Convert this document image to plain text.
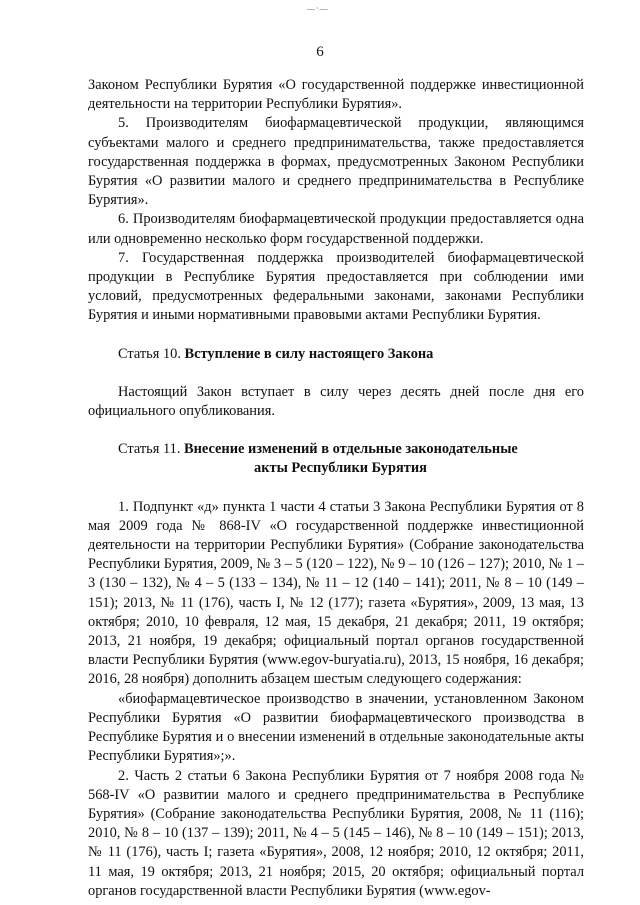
—·—
6

Законом Республики Бурятия «О государственной поддержке инвестиционной деятельности на территории Республики Бурятия».

5. Производителям биофармацевтической продукции, являющимся субъектами малого и среднего предпринимательства, также предоставляется государственная поддержка в формах, предусмотренных Законом Республики Бурятия «О развитии малого и среднего предпринимательства в Республике Бурятия».

6. Производителям биофармацевтической продукции предоставляется одна или одновременно несколько форм государственной поддержки.

7. Государственная поддержка производителей биофармацевтической продукции в Республике Бурятия предоставляется при соблюдении ими условий, предусмотренных федеральными законами, законами Республики Бурятия и иными нормативными правовыми актами Республики Бурятия.

Статья 10. Вступление в силу настоящего Закона

Настоящий Закон вступает в силу через десять дней после дня его официального опубликования.

Статья 11. Внесение изменений в отдельные законодательные
акты Республики Бурятия

1. Подпункт «д» пункта 1 части 4 статьи 3 Закона Республики Бурятия от 8 мая 2009 года № 868-IV «О государственной поддержке инвестиционной деятельности на территории Республики Бурятия» (Собрание законодательства Республики Бурятия, 2009, № 3 – 5 (120 – 122), № 9 – 10 (126 – 127); 2010, № 1 – 3 (130 – 132), № 4 – 5 (133 – 134), № 11 – 12 (140 – 141); 2011, № 8 – 10 (149 – 151); 2013, № 11 (176), часть I, № 12 (177); газета «Бурятия», 2009, 13 мая, 13 октября; 2010, 10 февраля, 12 мая, 15 декабря, 21 декабря; 2011, 19 октября; 2013, 21 ноября, 19 декабря; официальный портал органов государственной власти Республики Бурятия (www.egov-buryatia.ru), 2013, 15 ноября, 16 декабря; 2016, 28 ноября) дополнить абзацем шестым следующего содержания:

«биофармацевтическое производство в значении, установленном Законом Республики Бурятия «О развитии биофармацевтического производства в Республике Бурятия и о внесении изменений в отдельные законодательные акты Республики Бурятия»;».

2. Часть 2 статьи 6 Закона Республики Бурятия от 7 ноября 2008 года № 568-IV «О развитии малого и среднего предпринимательства в Республике Бурятия» (Собрание законодательства Республики Бурятия, 2008, № 11 (116); 2010, № 8 – 10 (137 – 139); 2011, № 4 – 5 (145 – 146), № 8 – 10 (149 – 151); 2013, № 11 (176), часть I; газета «Бурятия», 2008, 12 ноября; 2010, 12 октября; 2011, 11 мая, 19 октября; 2013, 21 ноября; 2015, 20 октября; официальный портал органов государственной власти Республики Бурятия (www.egov-
